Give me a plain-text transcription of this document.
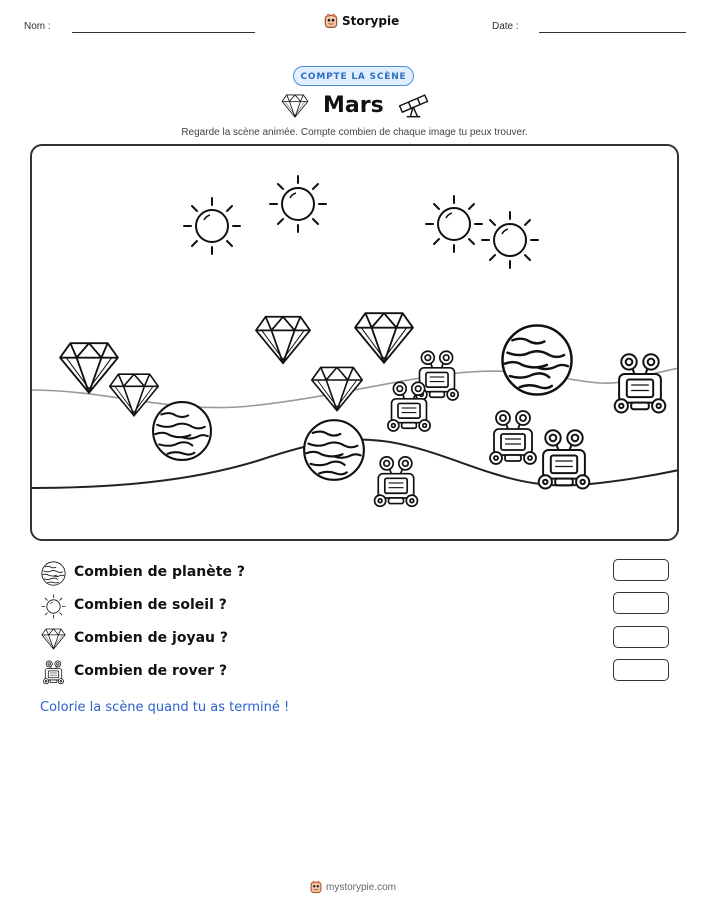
Nom :	Storypie	Date :
COMPTE LA SCÈNE
Mars
Regarde la scène animée. Compte combien de chaque image tu peux trouver.
Combien de planète ?
Combien de soleil ?
Combien de joyau ?
Combien de rover ?
Colorie la scène quand tu as terminé !
mystorypie.com
